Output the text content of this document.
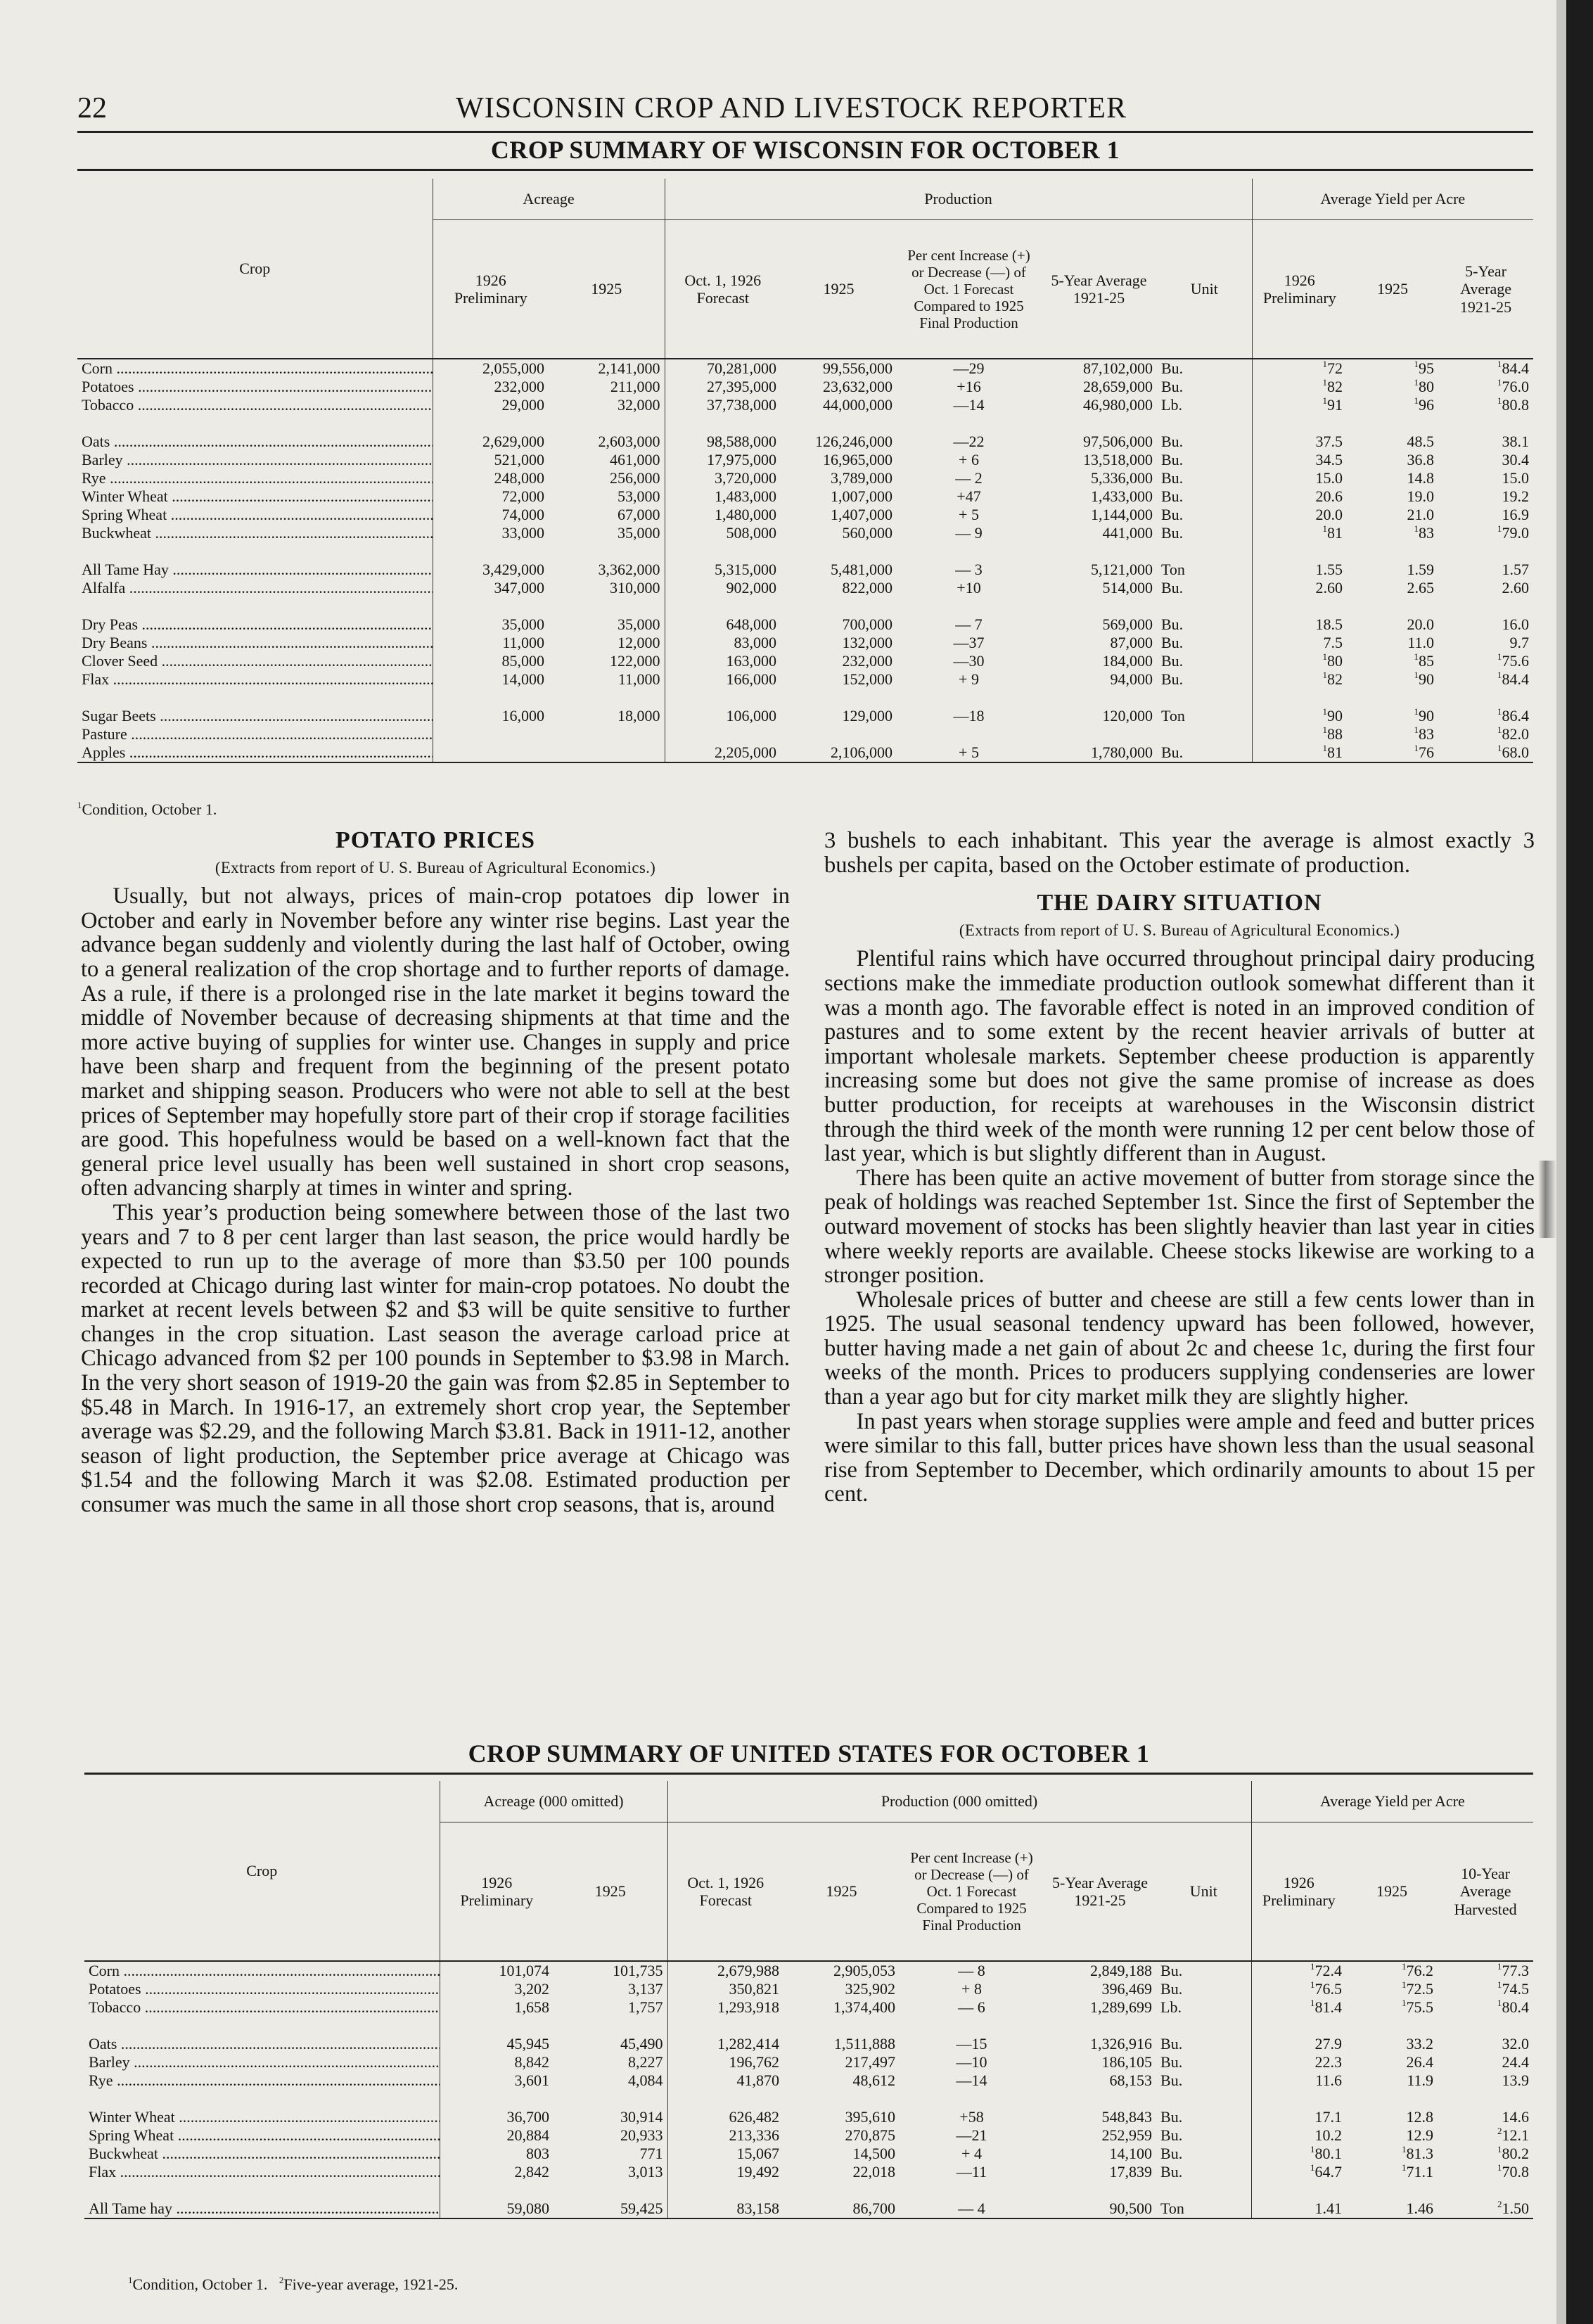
22	WISCONSIN CROP AND LIVESTOCK REPORTER
CROP SUMMARY OF WISCONSIN FOR OCTOBER 1
Crop	Acreage		Production					Average Yield per Acre		
	1926 Preliminary	1925	Oct. 1, 1926 Forecast	1925	Per cent Increase (+) or Decrease (—) of Oct. 1 Forecast Compared to 1925 Final Production	5-Year Average 1921-25	Unit	1926 Preliminary	1925	5-Year Average 1921-25
Corn .....	2,055,000	2,141,000	70,281,000	99,556,000	—29	87,102,000	Bu.	$^1$72	$^1$95	$^1$84.4
Potatoes .....	232,000	211,000	27,395,000	23,632,000	+16	28,659,000	Bu.	$^1$82	$^1$80	$^1$76.0
Tobacco .....	29,000	32,000	37,738,000	44,000,000	—14	46,980,000	Lb.	$^1$91	$^1$96	$^1$80.8

Oats .....	2,629,000	2,603,000	98,588,000	126,246,000	—22	97,506,000	Bu.	37.5	48.5	38.1
Barley .....	521,000	461,000	17,975,000	16,965,000	+ 6	13,518,000	Bu.	34.5	36.8	30.4
Rye .....	248,000	256,000	3,720,000	3,789,000	— 2	5,336,000	Bu.	15.0	14.8	15.0
Winter Wheat .....	72,000	53,000	1,483,000	1,007,000	+47	1,433,000	Bu.	20.6	19.0	19.2
Spring Wheat .....	74,000	67,000	1,480,000	1,407,000	+ 5	1,144,000	Bu.	20.0	21.0	16.9
Buckwheat .....	33,000	35,000	508,000	560,000	— 9	441,000	Bu.	$^1$81	$^1$83	$^1$79.0

All Tame Hay .....	3,429,000	3,362,000	5,315,000	5,481,000	— 3	5,121,000	Ton	1.55	1.59	1.57
Alfalfa .....	347,000	310,000	902,000	822,000	+10	514,000	Bu.	2.60	2.65	2.60

Dry Peas .....	35,000	35,000	648,000	700,000	— 7	569,000	Bu.	18.5	20.0	16.0
Dry Beans .....	11,000	12,000	83,000	132,000	—37	87,000	Bu.	7.5	11.0	9.7
Clover Seed .....	85,000	122,000	163,000	232,000	—30	184,000	Bu.	$^1$80	$^1$85	$^1$75.6
Flax .....	14,000	11,000	166,000	152,000	+ 9	94,000	Bu.	$^1$82	$^1$90	$^1$84.4

Sugar Beets .....	16,000	18,000	106,000	129,000	—18	120,000	Ton	$^1$90	$^1$90	$^1$86.4
Pasture .....								$^1$88	$^1$83	$^1$82.0
Apples .....			2,205,000	2,106,000	+ 5	1,780,000	Bu.	$^1$81	$^1$76	$^1$68.0
$^1$Condition, October 1.
POTATO PRICES
(Extracts from report of U. S. Bureau of Agricultural Economics.)

Usually, but not always, prices of main-crop potatoes dip lower in October and early in November before any winter rise begins. Last year the advance began suddenly and violently during the last half of October, owing to a general realization of the crop shortage and to further reports of damage. As a rule, if there is a prolonged rise in the late market it begins toward the middle of November because of decreasing shipments at that time and the more active buying of supplies for winter use. Changes in supply and price have been sharp and frequent from the beginning of the present potato market and shipping season. Producers who were not able to sell at the best prices of September may hopefully store part of their crop if storage facilities are good. This hopefulness would be based on a well-known fact that the general price level usually has been well sustained in short crop seasons, often advancing sharply at times in winter and spring.

This year’s production being somewhere between those of the last two years and 7 to 8 per cent larger than last season, the price would hardly be expected to run up to the average of more than $3.50 per 100 pounds recorded at Chicago during last winter for main-crop potatoes. No doubt the market at recent levels between $2 and $3 will be quite sensitive to further changes in the crop situation. Last season the average carload price at Chicago advanced from $2 per 100 pounds in September to $3.98 in March. In the very short season of 1919-20 the gain was from $2.85 in September to $5.48 in March. In 1916-17, an extremely short crop year, the September average was $2.29, and the following March $3.81. Back in 1911-12, another season of light production, the September price average at Chicago was $1.54 and the following March it was $2.08. Estimated production per consumer was much the same in all those short crop seasons, that is, around

3 bushels to each inhabitant. This year the average is almost exactly 3 bushels per capita, based on the October estimate of production.

THE DAIRY SITUATION
(Extracts from report of U. S. Bureau of Agricultural Economics.)

Plentiful rains which have occurred throughout principal dairy producing sections make the immediate production outlook somewhat different than it was a month ago. The favorable effect is noted in an improved condition of pastures and to some extent by the recent heavier arrivals of butter at important wholesale markets. September cheese production is apparently increasing some but does not give the same promise of increase as does butter production, for receipts at warehouses in the Wisconsin district through the third week of the month were running 12 per cent below those of last year, which is but slightly different than in August.

There has been quite an active movement of butter from storage since the peak of holdings was reached September 1st. Since the first of September the outward movement of stocks has been slightly heavier than last year in cities where weekly reports are available. Cheese stocks likewise are working to a stronger position.

Wholesale prices of butter and cheese are still a few cents lower than in 1925. The usual seasonal tendency upward has been followed, however, butter having made a net gain of about 2c and cheese 1c, during the first four weeks of the month. Prices to producers supplying condenseries are lower than a year ago but for city market milk they are slightly higher.

In past years when storage supplies were ample and feed and butter prices were similar to this fall, butter prices have shown less than the usual seasonal rise from September to December, which ordinarily amounts to about 15 per cent.

CROP SUMMARY OF UNITED STATES FOR OCTOBER 1
Crop	Acreage (000 omitted)		Production (000 omitted)					Average Yield per Acre		
	1926 Preliminary	1925	Oct. 1, 1926 Forecast	1925	Per cent Increase (+) or Decrease (—) of Oct. 1 Forecast Compared to 1925 Final Production	5-Year Average 1921-25	Unit	1926 Preliminary	1925	10-Year Average Harvested
Corn .....	101,074	101,735	2,679,988	2,905,053	— 8	2,849,188	Bu.	$^1$72.4	$^1$76.2	$^1$77.3
Potatoes .....	3,202	3,137	350,821	325,902	+ 8	396,469	Bu.	$^1$76.5	$^1$72.5	$^1$74.5
Tobacco .....	1,658	1,757	1,293,918	1,374,400	— 6	1,289,699	Lb.	$^1$81.4	$^1$75.5	$^1$80.4

Oats .....	45,945	45,490	1,282,414	1,511,888	—15	1,326,916	Bu.	27.9	33.2	32.0
Barley .....	8,842	8,227	196,762	217,497	—10	186,105	Bu.	22.3	26.4	24.4
Rye .....	3,601	4,084	41,870	48,612	—14	68,153	Bu.	11.6	11.9	13.9

Winter Wheat .....	36,700	30,914	626,482	395,610	+58	548,843	Bu.	17.1	12.8	14.6
Spring Wheat .....	20,884	20,933	213,336	270,875	—21	252,959	Bu.	10.2	12.9	$^2$12.1
Buckwheat .....	803	771	15,067	14,500	+ 4	14,100	Bu.	$^1$80.1	$^1$81.3	$^1$80.2
Flax .....	2,842	3,013	19,492	22,018	—11	17,839	Bu.	$^1$64.7	$^1$71.1	$^1$70.8

All Tame hay .....	59,080	59,425	83,158	86,700	— 4	90,500	Ton	1.41	1.46	$^2$1.50
$^1$Condition, October 1. $^2$Five-year average, 1921-25.
